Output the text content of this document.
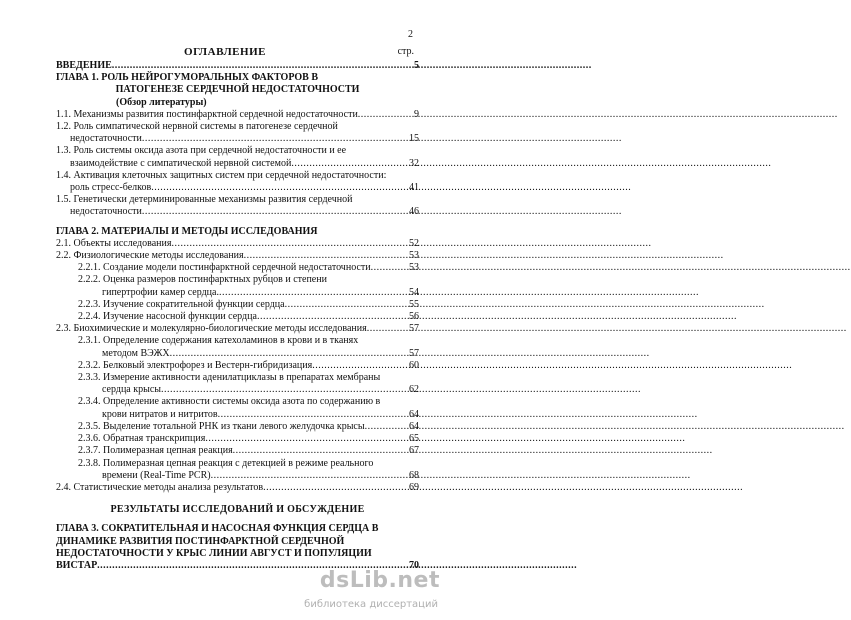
2
ОГЛАВЛЕНИЕ	стр.
ВВЕДЕНИЕ .....	5
ГЛАВА 1. РОЛЬ НЕЙРОГУМОРАЛЬНЫХ ФАКТОРОВ В
ПАТОГЕНЕЗЕ СЕРДЕЧНОЙ НЕДОСТАТОЧНОСТИ
(Обзор литературы)
1.1. Механизмы развития постинфарктной сердечной недостаточности .....	9
1.2. Роль симпатической нервной системы в патогенезе сердечной
недостаточности .....	15
1.3. Роль системы оксида азота при сердечной недостаточности и ее
взаимодействие с симпатической нервной системой .....	32
1.4. Активация клеточных защитных систем при сердечной недостаточности:
роль стресс-белков .....	41
1.5. Генетически детерминированные механизмы развития сердечной
недостаточности .....	46
ГЛАВА 2. МАТЕРИАЛЫ И МЕТОДЫ ИССЛЕДОВАНИЯ
2.1. Объекты исследования .....	52
2.2. Физиологические методы исследования .....	53
2.2.1. Создание модели постинфарктной сердечной недостаточности .....	53
2.2.2. Оценка размеров постинфарктных рубцов и степени
гипертрофии камер сердца. .....	54
2.2.3. Изучение сократительной функции сердца .....	55
2.2.4. Изучение насосной функции сердца .....	56
2.3. Биохимические и молекулярно-биологические методы исследования .....	57
2.3.1. Определение содержания катехоламинов в крови и в тканях
методом ВЭЖХ .....	57
2.3.2. Белковый электрофорез и Вестерн-гибридизация .....	60
2.3.3. Измерение активности аденилатциклазы в препаратах мембраны
сердца крысы .....	62
2.3.4. Определение активности системы оксида азота по содержанию в
крови нитратов и нитритов .....	64
2.3.5. Выделение тотальной РНК из ткани левого желудочка крысы .....	64
2.3.6. Обратная транскрипция .....	65
2.3.7. Полимеразная цепная реакция .....	67
2.3.8. Полимеразная цепная реакция с детекцией в режиме реального
времени (Real-Time PCR) .....	68
2.4. Статистические методы анализа результатов .....	69
РЕЗУЛЬТАТЫ ИССЛЕДОВАНИЙ И ОБСУЖДЕНИЕ
ГЛАВА 3. СОКРАТИТЕЛЬНАЯ И НАСОСНАЯ ФУНКЦИЯ СЕРДЦА В
ДИНАМИКЕ РАЗВИТИЯ ПОСТИНФАРКТНОЙ СЕРДЕЧНОЙ
НЕДОСТАТОЧНОСТИ У КРЫС ЛИНИИ АВГУСТ И ПОПУЛЯЦИИ
ВИСТАР .....	70
dsLib.net
библиотека диссертаций
